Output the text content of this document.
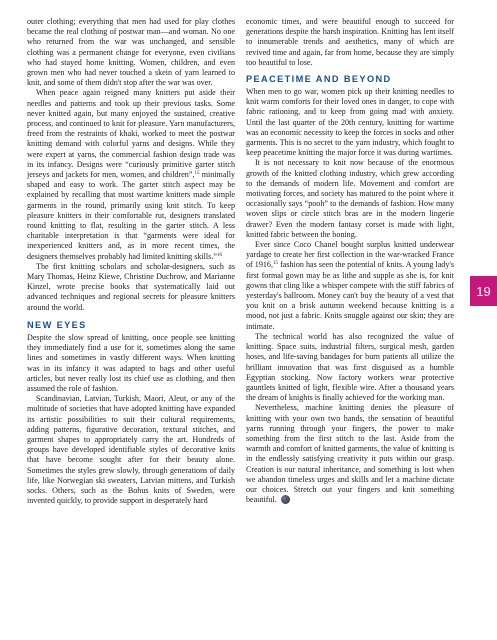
outer clothing; everything that men had used for play clothes became the real clothing of postwar man—and woman. No one who returned from the war was unchanged, and sensible clothing was a permanent change for everyone, even civilians who had stayed home knitting. Women, children, and even grown men who had never touched a skein of yarn learned to knit, and some of them didn't stop after the war was over.

When peace again reigned many knitters put aside their needles and patterns and took up their previous tasks. Some never knitted again, but many enjoyed the sustained, creative process, and continued to knit for pleasure. Yarn manufacturers, freed from the restraints of khaki, worked to meet the postwar knitting demand with colorful yarns and designs. While they were expert at yarns, the commercial fashion design trade was in its infancy. Designs were “curiously primitive garter stitch jerseys and jackets for men, women, and children”,$^{15}$ minimally shaped and easy to work. The garter stitch aspect may be explained by recalling that most wartime knitters made simple garments in the round, primarily using knit stitch. To keep pleasure knitters in their comfortable rut, designers translated round knitting to flat, resulting in the garter stitch. A less charitable interpretation is that “garments were ideal for inexperienced knitters and, as in more recent times, the designers themselves probably had limited knitting skills.”$^{16}$

The first knitting scholars and scholar-designers, such as Mary Thomas, Heinz Kiewe, Christine Duchrow, and Marianne Kinzel, wrote precise books that systematically laid out advanced techniques and regional secrets for pleasure knitters around the world.

NEW EYES

Despite the slow spread of knitting, once people see knitting they immediately find a use for it, sometimes along the same lines and sometimes in vastly different ways. When knitting was in its infancy it was adapted to bags and other useful articles, but never really lost its chief use as clothing, and then assumed the role of fashion.

Scandinavian, Latvian, Turkish, Maori, Aleut, or any of the multitude of societies that have adopted knitting have expanded its artistic possibilities to suit their cultural requirements, adding patterns, figurative decoration, textural stitches, and garment shapes to appropriately carry the art. Hundreds of groups have developed identifiable styles of decorative knits that have become sought after for their beauty alone. Sometimes the styles grew slowly, through generations of daily life, like Norwegian ski sweaters, Latvian mittens, and Turkish socks. Others, such as the Bohus knits of Sweden, were invented quickly, to provide support in desperately hard

economic times, and were beautiful enough to succeed for generations despite the harsh inspiration. Knitting has lent itself to innumerable trends and aesthetics, many of which are revived time and again, far from home, because they are simply too beautiful to lose.

PEACETIME AND BEYOND

When men to go war, women pick up their knitting needles to knit warm comforts for their loved ones in danger, to cope with fabric rationing, and to keep from going mad with anxiety. Until the last quarter of the 20th century, knitting for wartime was an economic necessity to keep the forces in socks and other garments. This is no secret to the yarn industry, which fought to keep peacetime knitting the major force it was during wartimes.

It is not necessary to knit now because of the enormous growth of the knitted clothing industry, which grew according to the demands of modern life. Movement and comfort are motivating forces, and society has matured to the point where it occasionally says “pooh” to the demands of fashion. How many woven slips or circle stitch bras are in the modern lingerie drawer? Even the modern fantasy corset is made with light, knitted fabric between the boning.

Ever since Coco Chanel bought surplus knitted underwear yardage to create her first collection in the war-wracked France of 1916,15 fashion has seen the potential of knits. A young lady's first formal gown may be as lithe and supple as she is, for knit gowns that cling like a whisper compete with the stiff fabrics of yesterday's ballroom. Money can't buy the beauty of a vest that you knit on a brisk autumn weekend because knitting is a mood, not just a fabric. Knits snuggle against our skin; they are intimate.

The technical world has also recognized the value of knitting. Space suits, industrial filters, surgical mesh, garden hoses, and life-saving bandages for burn patients all utilize the brilliant innovation that was first disguised as a humble Egyptian stocking. Now factory workers wear protective gauntlets knitted of light, flexible wire. After a thousand years the dream of knights is finally achieved for the working man.

Nevertheless, machine knitting denies the pleasure of knitting with your own two hands, the sensation of beautiful yarns running through your fingers, the power to make something from the first stitch to the last. Aside from the warmth and comfort of knitted garments, the value of knitting is in the endlessly satisfying creativity it puts within our grasp. Creation is our natural inheritance, and something is lost when we abandon timeless urges and skills and let a machine dictate our choices. Stretch out your fingers and knit something beautiful.

19
